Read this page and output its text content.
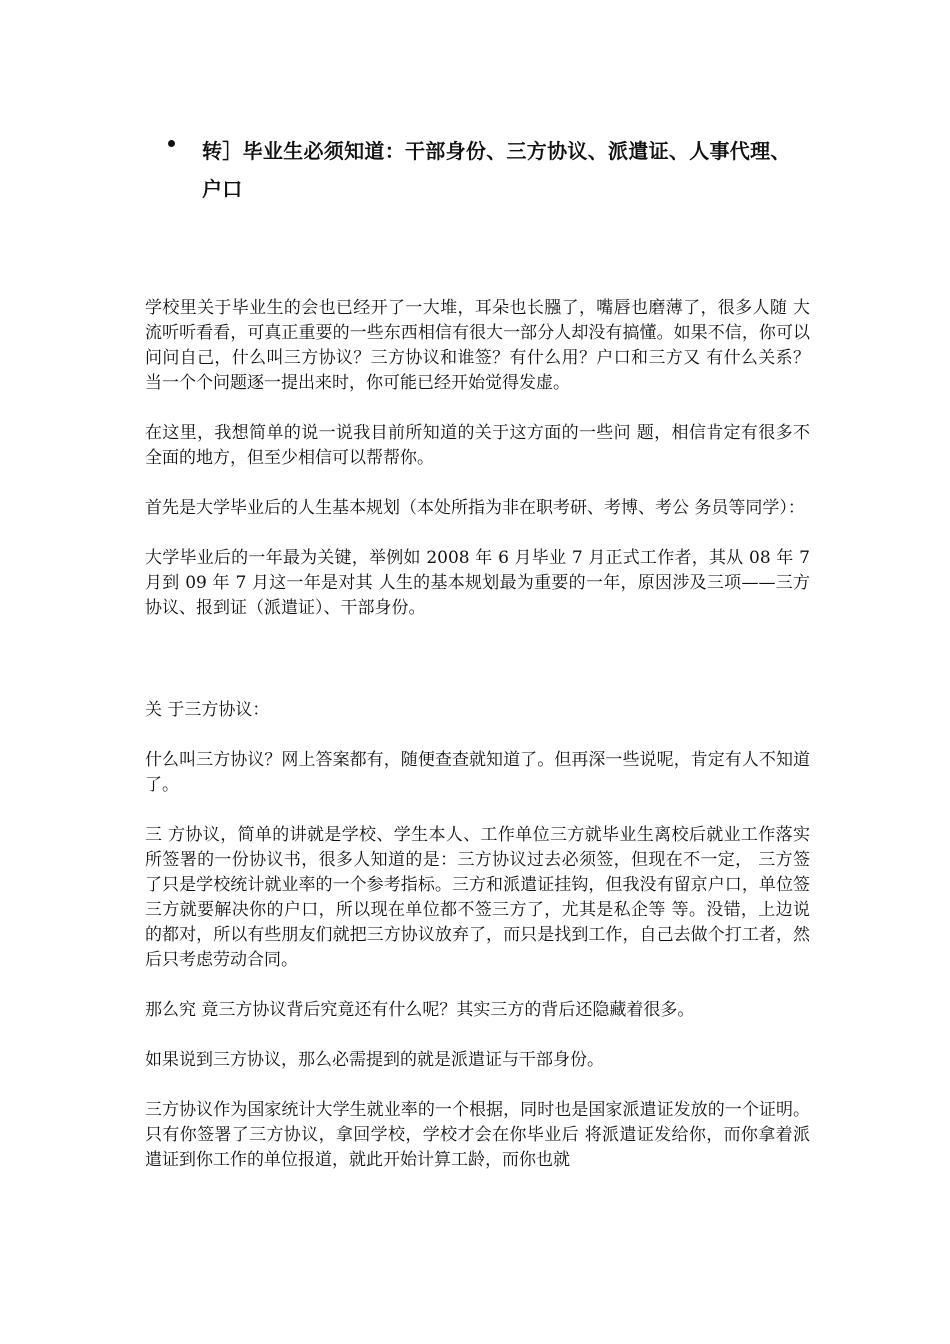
转］毕业生必须知道：干部身份、三方协议、派遣证、人事代理、
户口

学校里关于毕业生的会也已经开了一大堆，耳朵也长膙了，嘴唇也磨薄了，很多人随 大流听听看看，可真正重要的一些东西相信有很大一部分人却没有搞懂。如果不信，你可以问问自己，什么叫三方协议？三方协议和谁签？有什么用？户口和三方又 有什么关系？当一个个问题逐一提出来时，你可能已经开始觉得发虚。

在这里，我想简单的说一说我目前所知道的关于这方面的一些问 题，相信肯定有很多不全面的地方，但至少相信可以帮帮你。

首先是大学毕业后的人生基本规划（本处所指为非在职考研、考博、考公 务员等同学）：

大学毕业后的一年最为关键，举例如 2008 年 6 月毕业 7 月正式工作者，其从 08 年 7 月到 09 年 7 月这一年是对其 人生的基本规划最为重要的一年，原因涉及三项——三方协议、报到证（派遣证）、干部身份。

关 于三方协议：

什么叫三方协议？网上答案都有，随便查查就知道了。但再深一些说呢，肯定有人不知道了。

三 方协议，简单的讲就是学校、学生本人、工作单位三方就毕业生离校后就业工作落实所签署的一份协议书，很多人知道的是：三方协议过去必须签，但现在不一定， 三方签了只是学校统计就业率的一个参考指标。三方和派遣证挂钩，但我没有留京户口，单位签三方就要解决你的户口，所以现在单位都不签三方了，尤其是私企等 等。没错，上边说的都对，所以有些朋友们就把三方协议放弃了，而只是找到工作，自己去做个打工者，然后只考虑劳动合同。

那么究 竟三方协议背后究竟还有什么呢？其实三方的背后还隐藏着很多。

如果说到三方协议，那么必需提到的就是派遣证与干部身份。

三方协议作为国家统计大学生就业率的一个根据，同时也是国家派遣证发放的一个证明。只有你签署了三方协议，拿回学校，学校才会在你毕业后 将派遣证发给你，而你拿着派遣证到你工作的单位报道，就此开始计算工龄，而你也就
